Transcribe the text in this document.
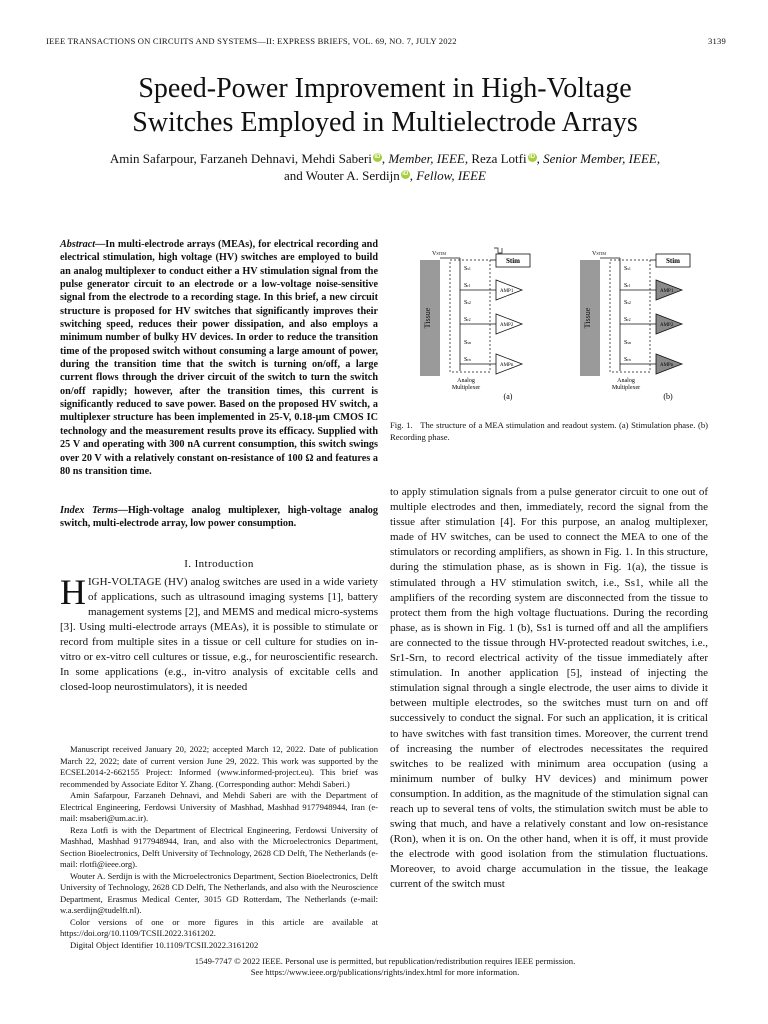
IEEE TRANSACTIONS ON CIRCUITS AND SYSTEMS—II: EXPRESS BRIEFS, VOL. 69, NO. 7, JULY 2022	3139
Speed-Power Improvement in High-Voltage
Switches Employed in Multielectrode Arrays
Amin Safarpour, Farzaneh Dehnavi, Mehdi Saberi iD , Member, IEEE, Reza Lotfi iD , Senior Member, IEEE,
and Wouter A. Serdijn iD , Fellow, IEEE
Abstract—In multi-electrode arrays (MEAs), for electrical recording and electrical stimulation, high voltage (HV) switches are employed to build an analog multiplexer to conduct either a HV stimulation signal from the pulse generator circuit to an electrode or a low-voltage noise-sensitive signal from the electrode to a recording stage. In this brief, a new circuit structure is proposed for HV switches that significantly improves their switching speed, reduces their power dissipation, and also employs a minimum number of bulky HV devices. In order to reduce the transition time of the proposed switch without consuming a large amount of power, during the transition time that the switch is turning on/off, a large current flows through the driver circuit of the switch to turn the switch on/off rapidly; however, after the transition times, this current is significantly reduced to save power. Based on the proposed HV switch, a multiplexer structure has been implemented in 25-V, 0.18-μm CMOS IC technology and the measurement results prove its efficacy. Supplied with 25 V and operating with 300 nA current consumption, this switch swings over 20 V with a relatively constant on-resistance of 100 Ω and features a 80 ns transition time.
Index Terms—High-voltage analog multiplexer, high-voltage analog switch, multi-electrode array, low power consumption.
I. Introduction
HIGH-VOLTAGE (HV) analog switches are used in a wide variety of applications, such as ultrasound imaging systems [1], battery management systems [2], and MEMS and medical micro-systems [3]. Using multi-electrode arrays (MEAs), it is possible to stimulate or record from multiple sites in a tissue or cell culture for studies on in-vitro or ex-vitro cell cultures or tissue, e.g., for neuroscientific research. In some applications (e.g., in-vitro analysis of excitable cells and closed-loop neurostimulators), it is needed

Manuscript received January 20, 2022; accepted March 12, 2022. Date of publication March 22, 2022; date of current version June 29, 2022. This work was supported by the ECSEL2014-2-662155 Project: Informed (www.informed-project.eu). This brief was recommended by Associate Editor Y. Zhang. (Corresponding author: Mehdi Saberi.)

Amin Safarpour, Farzaneh Dehnavi, and Mehdi Saberi are with the Department of Electrical Engineering, Ferdowsi University of Mashhad, Mashhad 9177948944, Iran (e-mail: msaberi@um.ac.ir).

Reza Lotfi is with the Department of Electrical Engineering, Ferdowsi University of Mashhad, Mashhad 9177948944, Iran, and also with the Microelectronics Department, Section Bioelectronics, Delft University of Technology, 2628 CD Delft, The Netherlands (e-mail: rlotfi@ieee.org).

Wouter A. Serdijn is with the Microelectronics Department, Section Bioelectronics, Delft University of Technology, 2628 CD Delft, The Netherlands, and also with the Neuroscience Department, Erasmus Medical Center, 3015 GD Rotterdam, The Netherlands (e-mail: w.a.serdijn@tudelft.nl).

Color versions of one or more figures in this article are available at https://doi.org/10.1109/TCSII.2022.3161202.

Digital Object Identifier 10.1109/TCSII.2022.3161202

Tissue
VSTIM
Stim
Ss1
Sr1
Ss2
Sr2
Ssn
Srn
AMP1
AMP2
AMPn
Analog
Multiplexer
(a)
Tissue
VSTIM
Stim
Ss1
Sr1
Ss2
Sr2
Ssn
Srn
AMP1
AMP2
AMPn
Analog
Multiplexer
(b)
Fig. 1. The structure of a MEA stimulation and readout system. (a) Stimulation phase. (b) Recording phase.
to apply stimulation signals from a pulse generator circuit to one out of multiple electrodes and then, immediately, record the signal from the tissue after stimulation [4]. For this purpose, an analog multiplexer, made of HV switches, can be used to connect the MEA to one of the stimulators or recording amplifiers, as shown in Fig. 1. In this structure, during the stimulation phase, as is shown in Fig. 1(a), the tissue is stimulated through a HV stimulation switch, i.e., Ss1, while all the amplifiers of the recording system are disconnected from the tissue to protect them from the high voltage fluctuations. During the recording phase, as is shown in Fig. 1 (b), Ss1 is turned off and all the amplifiers are connected to the tissue through HV-protected readout switches, i.e., Sr1-Srn, to record electrical activity of the tissue immediately after stimulation. In another application [5], instead of injecting the stimulation signal through a single electrode, the user aims to divide it between multiple electrodes, so the switches must turn on and off successively to conduct the signal. For such an application, it is critical to have switches with fast transition times. Moreover, the current trend of increasing the number of electrodes necessitates the required switches to be realized with minimum area occupation (using a minimum number of bulky HV devices) and minimum power consumption. In addition, as the magnitude of the stimulation signal can reach up to several tens of volts, the stimulation switch must be able to swing that much, and have a relatively constant and low on-resistance (Ron), when it is on. On the other hand, when it is off, it must provide the electrode with good isolation from the stimulation fluctuations. Moreover, to avoid charge accumulation in the tissue, the leakage current of the switch must
1549-7747 © 2022 IEEE. Personal use is permitted, but republication/redistribution requires IEEE permission.
See https://www.ieee.org/publications/rights/index.html for more information.
